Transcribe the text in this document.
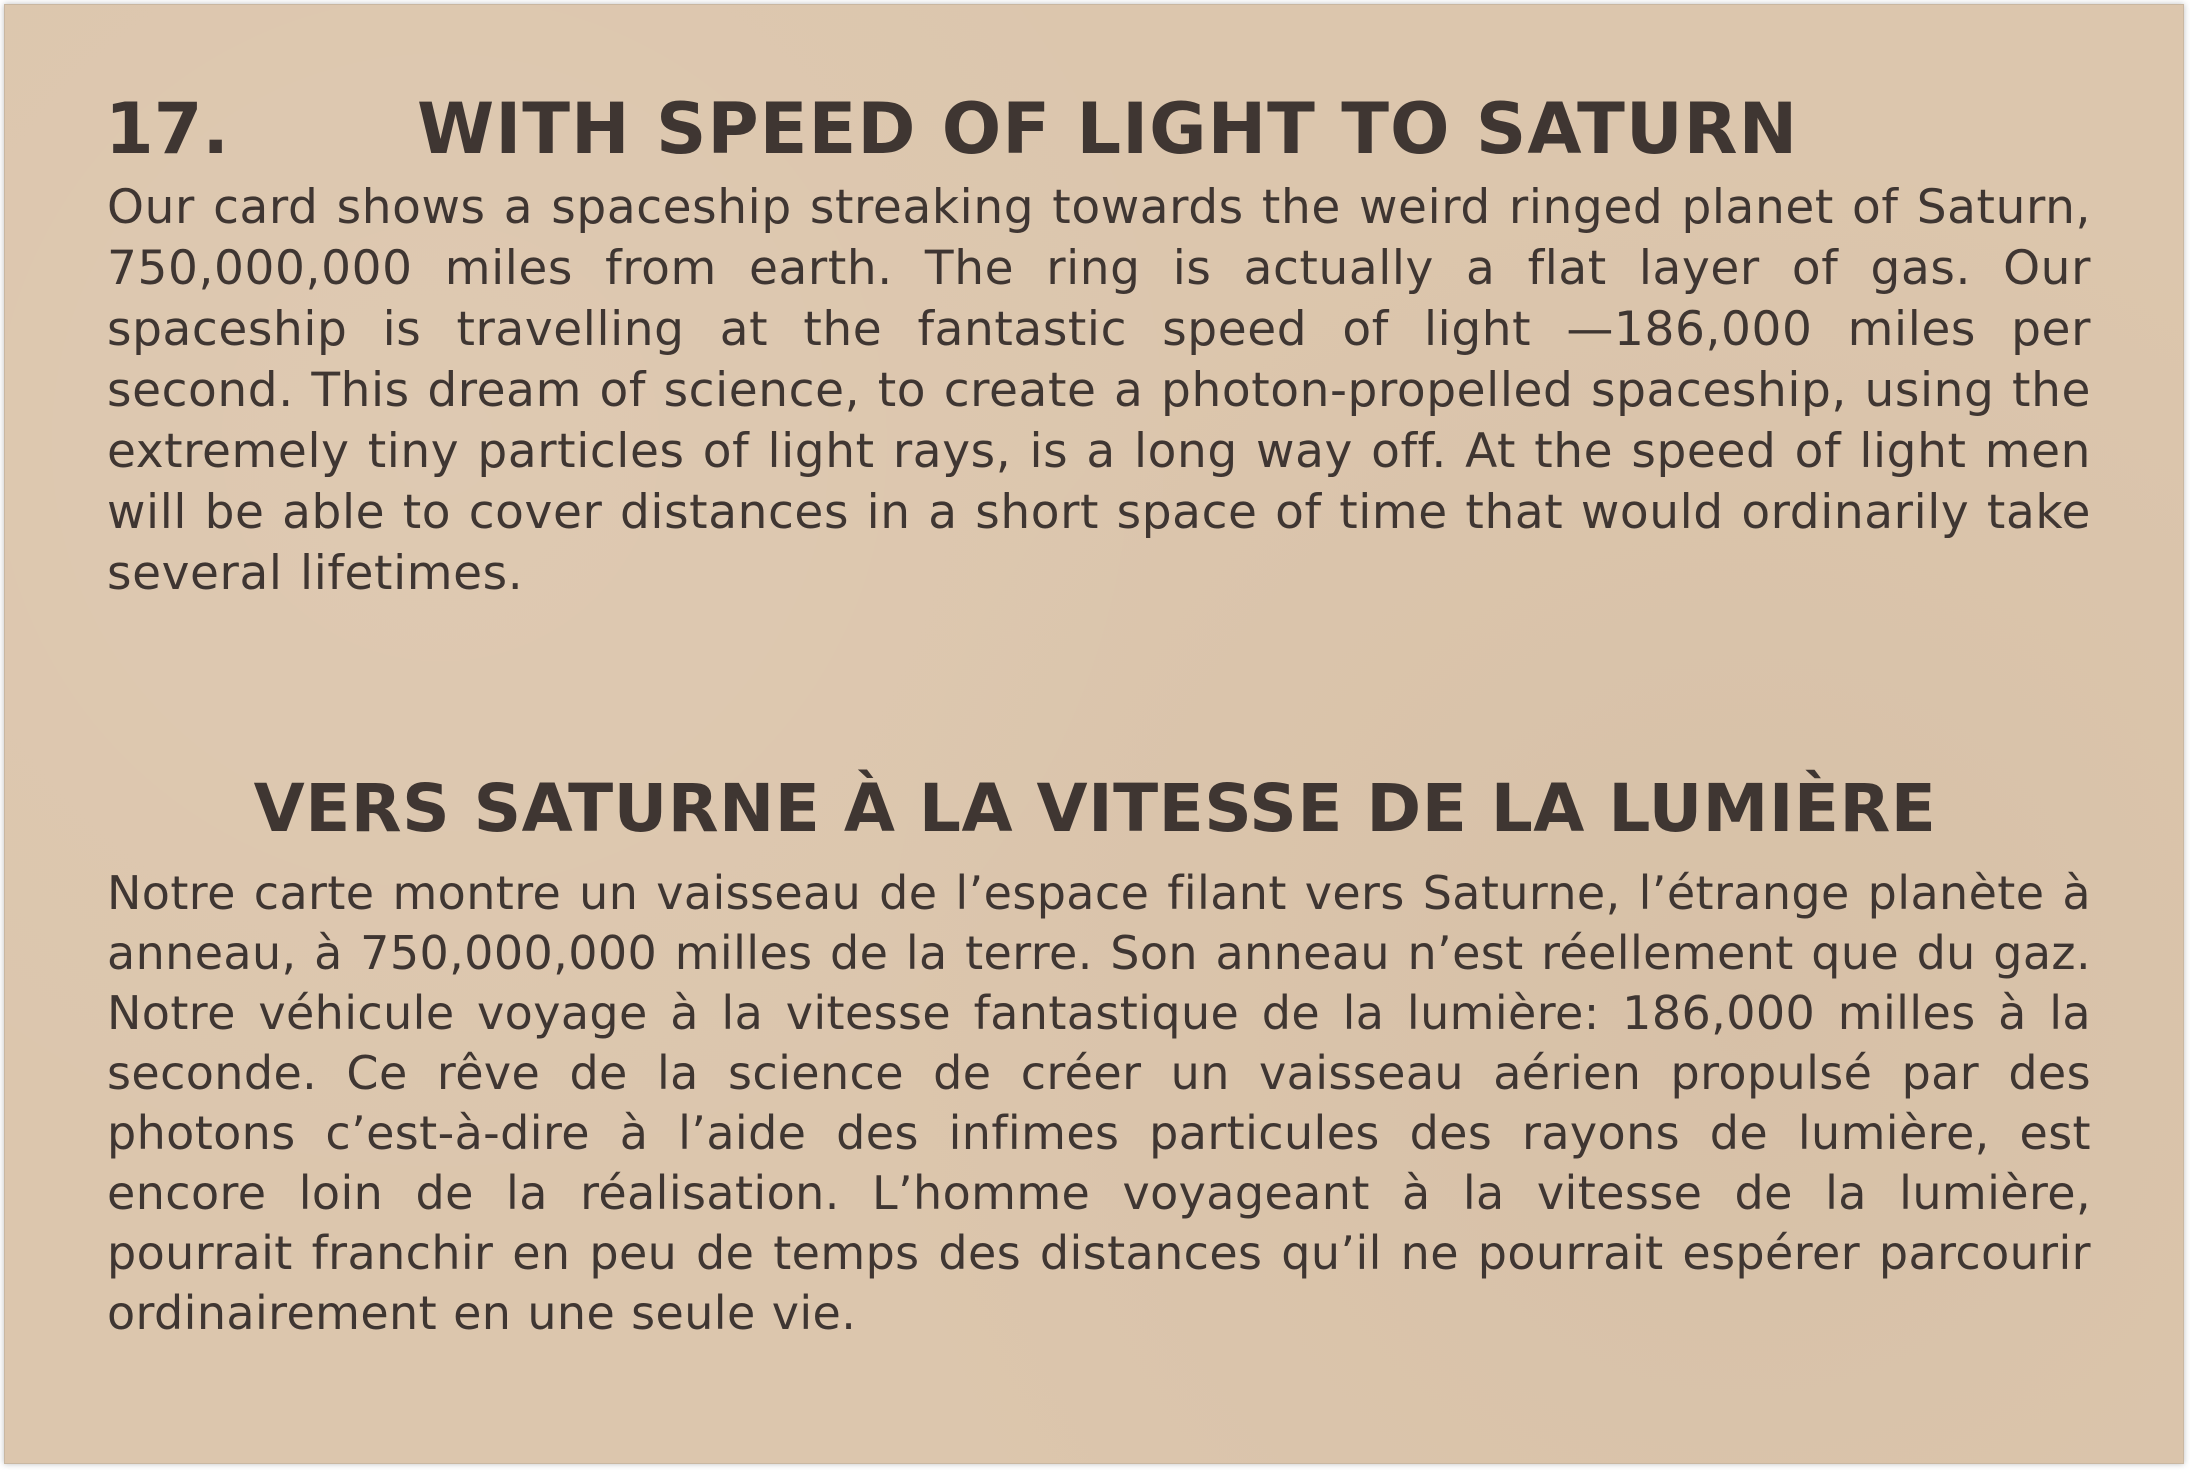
17.	WITH SPEED OF LIGHT TO SATURN

Our card shows a spaceship streaking towards the weird ringed planet of Saturn, 750,000,000 miles from earth. The ring is actually a flat layer of gas. Our spaceship is travelling at the fantastic speed of light —186,000 miles per second. This dream of science, to create a photon-propelled spaceship, using the extremely tiny particles of light rays, is a long way off. At the speed of light men will be able to cover distances in a short space of time that would ordinarily take several lifetimes.

VERS SATURNE À LA VITESSE DE LA LUMIÈRE

Notre carte montre un vaisseau de l’espace filant vers Saturne, l’étrange planète à anneau, à 750,000,000 milles de la terre. Son anneau n’est réellement que du gaz. Notre véhicule voyage à la vitesse fantastique de la lumière: 186,000 milles à la seconde. Ce rêve de la science de créer un vaisseau aérien propulsé par des photons c’est-à-dire à l’aide des infimes particules des rayons de lumière, est encore loin de la réalisation. L’homme voyageant à la vitesse de la lumière, pourrait franchir en peu de temps des distances qu’il ne pourrait espérer parcourir ordinairement en une seule vie.
